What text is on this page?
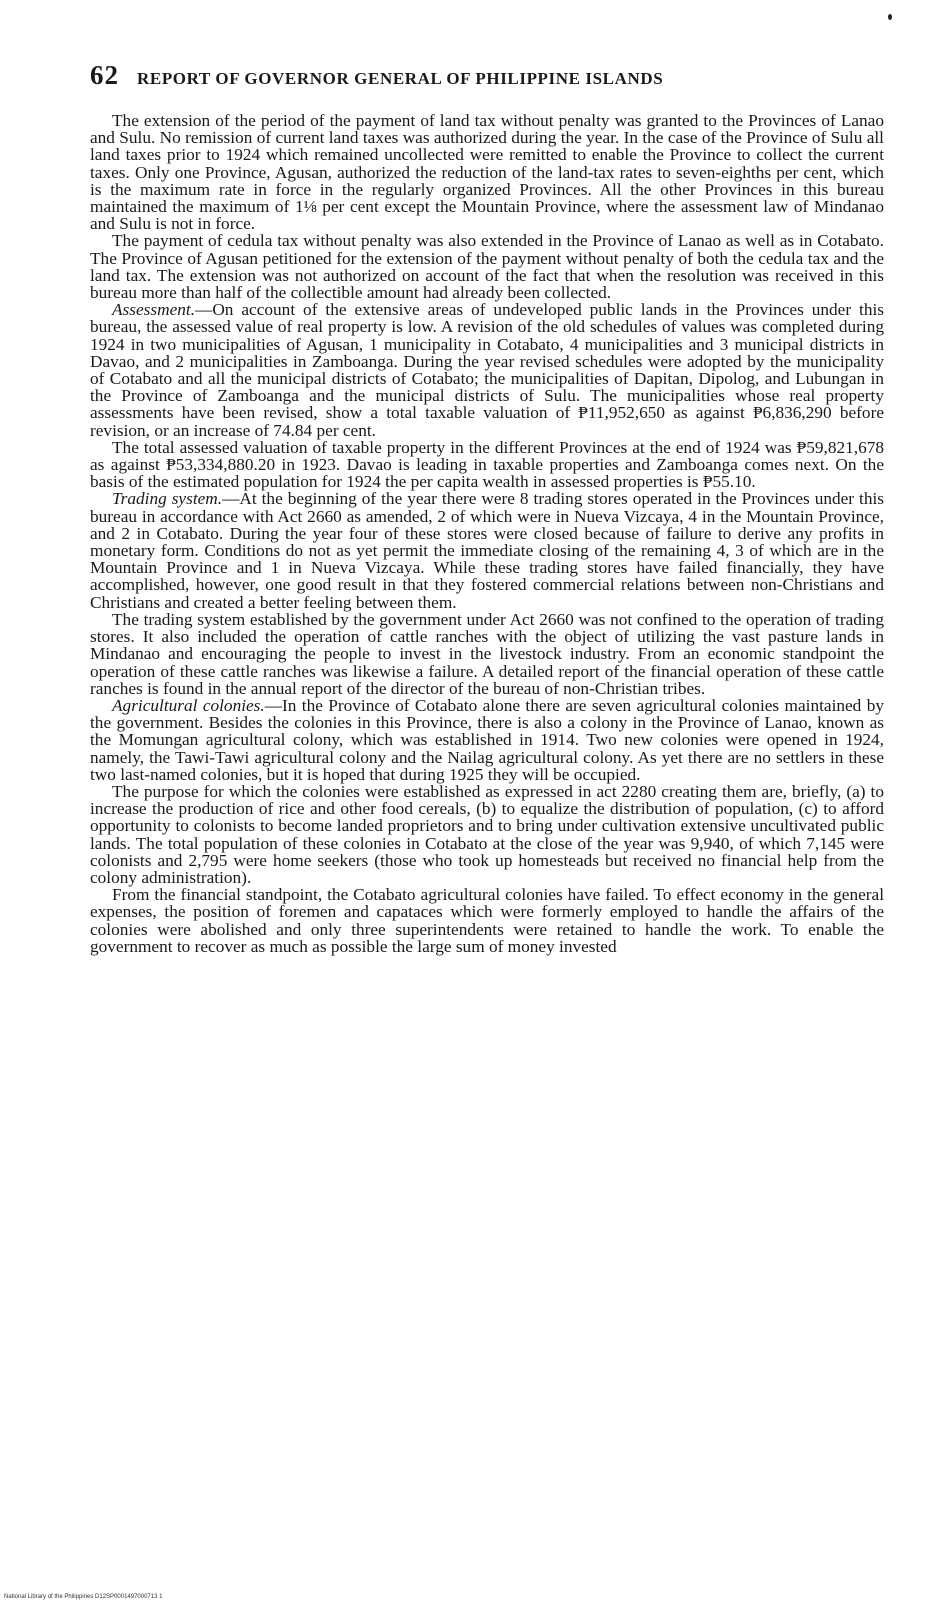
62 REPORT OF GOVERNOR GENERAL OF PHILIPPINE ISLANDS

The extension of the period of the payment of land tax without penalty was granted to the Provinces of Lanao and Sulu. No remission of current land taxes was authorized during the year. In the case of the Province of Sulu all land taxes prior to 1924 which remained uncollected were remitted to enable the Province to collect the current taxes. Only one Province, Agusan, authorized the reduction of the land-tax rates to seven-eighths per cent, which is the maximum rate in force in the regularly organized Provinces. All the other Provinces in this bureau maintained the maximum of 1⅛ per cent except the Mountain Province, where the assessment law of Mindanao and Sulu is not in force.

The payment of cedula tax without penalty was also extended in the Province of Lanao as well as in Cotabato. The Province of Agusan petitioned for the extension of the payment without penalty of both the cedula tax and the land tax. The extension was not authorized on account of the fact that when the resolution was received in this bureau more than half of the collectible amount had already been collected.

Assessment.—On account of the extensive areas of undeveloped public lands in the Provinces under this bureau, the assessed value of real property is low. A revision of the old schedules of values was completed during 1924 in two municipalities of Agusan, 1 municipality in Cotabato, 4 municipalities and 3 municipal districts in Davao, and 2 municipalities in Zamboanga. During the year revised schedules were adopted by the municipality of Cotabato and all the municipal districts of Cotabato; the municipalities of Dapitan, Dipolog, and Lubungan in the Province of Zamboanga and the municipal districts of Sulu. The municipalities whose real property assessments have been revised, show a total taxable valuation of ₱11,952,650 as against ₱6,836,290 before revision, or an increase of 74.84 per cent.

The total assessed valuation of taxable property in the different Provinces at the end of 1924 was ₱59,821,678 as against ₱53,334,880.20 in 1923. Davao is leading in taxable properties and Zamboanga comes next. On the basis of the estimated population for 1924 the per capita wealth in assessed properties is ₱55.10.

Trading system.—At the beginning of the year there were 8 trading stores operated in the Provinces under this bureau in accordance with Act 2660 as amended, 2 of which were in Nueva Vizcaya, 4 in the Mountain Province, and 2 in Cotabato. During the year four of these stores were closed because of failure to derive any profits in monetary form. Conditions do not as yet permit the immediate closing of the remaining 4, 3 of which are in the Mountain Province and 1 in Nueva Vizcaya. While these trading stores have failed financially, they have accomplished, however, one good result in that they fostered commercial relations between non-Christians and Christians and created a better feeling between them.

The trading system established by the government under Act 2660 was not confined to the operation of trading stores. It also included the operation of cattle ranches with the object of utilizing the vast pasture lands in Mindanao and encouraging the people to invest in the livestock industry. From an economic standpoint the operation of these cattle ranches was likewise a failure. A detailed report of the financial operation of these cattle ranches is found in the annual report of the director of the bureau of non-Christian tribes.

Agricultural colonies.—In the Province of Cotabato alone there are seven agricultural colonies maintained by the government. Besides the colonies in this Province, there is also a colony in the Province of Lanao, known as the Momungan agricultural colony, which was established in 1914. Two new colonies were opened in 1924, namely, the Tawi-Tawi agricultural colony and the Nailag agricultural colony. As yet there are no settlers in these two last-named colonies, but it is hoped that during 1925 they will be occupied.

The purpose for which the colonies were established as expressed in act 2280 creating them are, briefly, (a) to increase the production of rice and other food cereals, (b) to equalize the distribution of population, (c) to afford opportunity to colonists to become landed proprietors and to bring under cultivation extensive uncultivated public lands. The total population of these colonies in Cotabato at the close of the year was 9,940, of which 7,145 were colonists and 2,795 were home seekers (those who took up homesteads but received no financial help from the colony administration).

From the financial standpoint, the Cotabato agricultural colonies have failed. To effect economy in the general expenses, the position of foremen and capataces which were formerly employed to handle the affairs of the colonies were abolished and only three superintendents were retained to handle the work. To enable the government to recover as much as possible the large sum of money invested

National Library of the Philippines D12SP0001497000713 1
